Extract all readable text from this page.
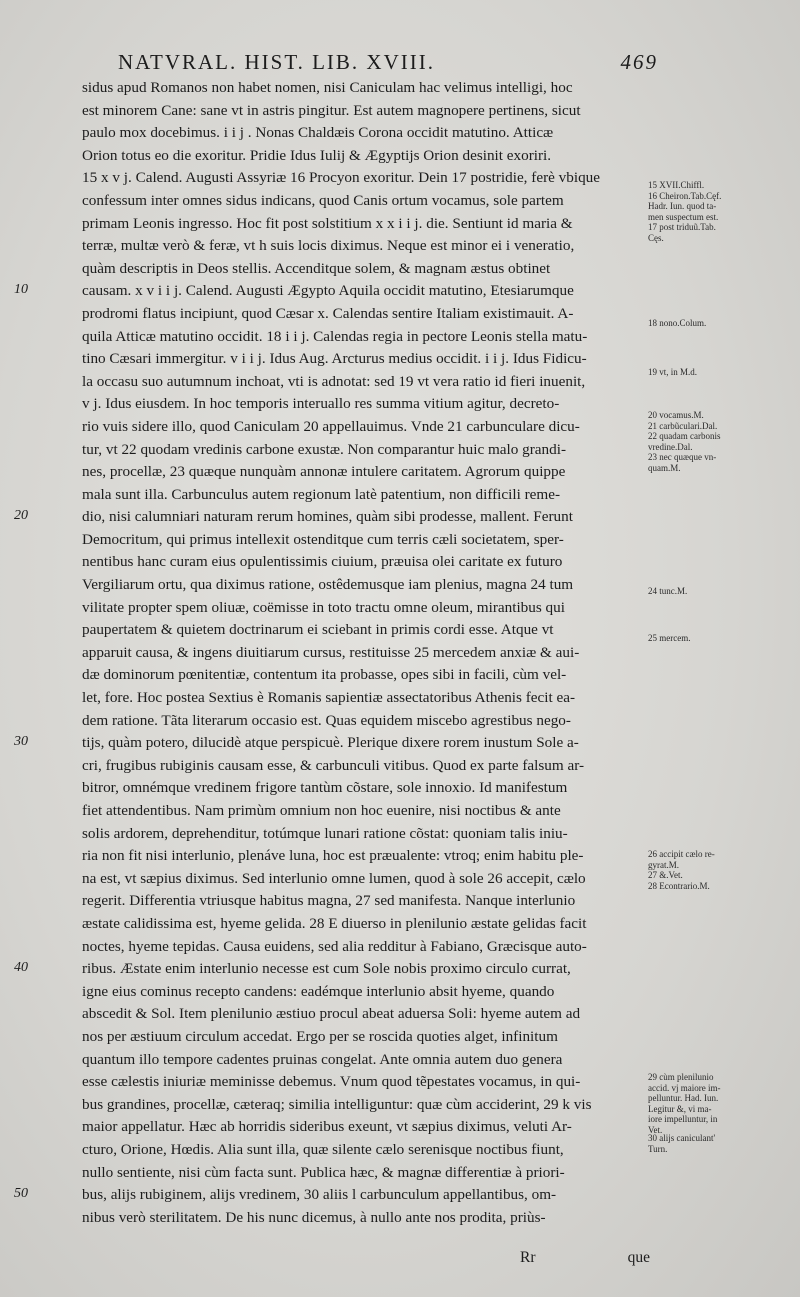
NATVRAL. HIST. LIB. XVIII.	469
sidus apud Romanos non habet nomen, nisi Caniculam hac velimus intelligi, hoc
est minorem Cane: sane vt in astris pingitur. Est autem magnopere pertinens, sicut
paulo mox docebimus. i i j . Nonas Chaldæis Corona occidit matutino. Atticæ
Orion totus eo die exoritur. Pridie Idus Iulij & Ægyptijs Orion desinit exoriri.
15 x v j. Calend. Augusti Assyriæ 16 Procyon exoritur. Dein 17 postridie, ferè vbique
confessum inter omnes sidus indicans, quod Canis ortum vocamus, sole partem
primam Leonis ingresso. Hoc fit post solstitium x x i i j. die. Sentiunt id maria &
terræ, multæ verò & feræ, vt h suis locis diximus. Neque est minor ei i veneratio,
quàm descriptis in Deos stellis. Accenditque solem, & magnam æstus obtinet
causam. x v i i j. Calend. Augusti Ægypto Aquila occidit matutino, Etesiarumque
prodromi flatus incipiunt, quod Cæsar x. Calendas sentire Italiam existimauit. A-
quila Atticæ matutino occidit. 18 i i j. Calendas regia in pectore Leonis stella matu-
tino Cæsari immergitur. v i i j. Idus Aug. Arcturus medius occidit. i i j. Idus Fidicu-
la occasu suo autumnum inchoat, vti is adnotat: sed 19 vt vera ratio id fieri inuenit,
v j. Idus eiusdem. In hoc temporis interuallo res summa vitium agitur, decreto-
rio vuis sidere illo, quod Caniculam 20 appellauimus. Vnde 21 carbunculare dicu-
tur, vt 22 quodam vredinis carbone exustæ. Non comparantur huic malo grandi-
nes, procellæ, 23 quæque nunquàm annonæ intulere caritatem. Agrorum quippe
mala sunt illa. Carbunculus autem regionum latè patentium, non difficili reme-
dio, nisi calumniari naturam rerum homines, quàm sibi prodesse, mallent. Ferunt
Democritum, qui primus intellexit ostenditque cum terris cæli societatem, sper-
nentibus hanc curam eius opulentissimis ciuium, præuisa olei caritate ex futuro
Vergiliarum ortu, qua diximus ratione, ostêdemusque iam plenius, magna 24 tum
vilitate propter spem oliuæ, coëmisse in toto tractu omne oleum, mirantibus qui
paupertatem & quietem doctrinarum ei sciebant in primis cordi esse. Atque vt
apparuit causa, & ingens diuitiarum cursus, restituisse 25 mercedem anxiæ & aui-
dæ dominorum pœnitentiæ, contentum ita probasse, opes sibi in facili, cùm vel-
let, fore. Hoc postea Sextius è Romanis sapientiæ assectatoribus Athenis fecit ea-
dem ratione. Tãta literarum occasio est. Quas equidem miscebo agrestibus nego-
tijs, quàm potero, dilucidè atque perspicuè. Plerique dixere rorem inustum Sole a-
cri, frugibus rubiginis causam esse, & carbunculi vitibus. Quod ex parte falsum ar-
bitror, omnémque vredinem frigore tantùm cõstare, sole innoxio. Id manifestum
fiet attendentibus. Nam primùm omnium non hoc euenire, nisi noctibus & ante
solis ardorem, deprehenditur, totúmque lunari ratione cõstat: quoniam talis iniu-
ria non fit nisi interlunio, plenáve luna, hoc est præualente: vtroq; enim habitu ple-
na est, vt sæpius diximus. Sed interlunio omne lumen, quod à sole 26 accepit, cælo
regerit. Differentia vtriusque habitus magna, 27 sed manifesta. Nanque interlunio
æstate calidissima est, hyeme gelida. 28 E diuerso in plenilunio æstate gelidas facit
noctes, hyeme tepidas. Causa euidens, sed alia redditur à Fabiano, Græcisque auto-
ribus. Æstate enim interlunio necesse est cum Sole nobis proximo circulo currat,
igne eius cominus recepto candens: eadémque interlunio absit hyeme, quando
abscedit & Sol. Item plenilunio æstiuo procul abeat aduersa Soli: hyeme autem ad
nos per æstiuum circulum accedat. Ergo per se roscida quoties alget, infinitum
quantum illo tempore cadentes pruinas congelat. Ante omnia autem duo genera
esse cælestis iniuriæ meminisse debemus. Vnum quod tẽpestates vocamus, in qui-
bus grandines, procellæ, cæteraq; similia intelliguntur: quæ cùm acciderint, 29 k vis
maior appellatur. Hæc ab horridis sideribus exeunt, vt sæpius diximus, veluti Ar-
cturo, Orione, Hœdis. Alia sunt illa, quæ silente cælo serenisque noctibus fiunt,
nullo sentiente, nisi cùm facta sunt. Publica hæc, & magnæ differentiæ à priori-
bus, alijs rubiginem, alijs vredinem, 30 aliis l carbunculum appellantibus, om-
nibus verò sterilitatem. De his nunc dicemus, à nullo ante nos prodita, priùs-
10
20
30
40
50
15 XVII.Chiffl.
16 Cheiron.Tab.Cęf.
Hadr. Iun. quod ta-
men suspectum est.
17 post triduũ.Tab.
Cęs.
18 nono.Colum.
19 vt, in M.d.
20 vocamus.M.
21 carbũculari.Dal.
22 quadam carbonis
vredine.Dal.
23 nec quæque vn-
quam.M.
24 tunc.M.
25 mercem.
26 accipit cælo re-
gyrat.M.
27 &.Vet.
28 Econtrario.M.
29 cùm plenilunio
accid. vj maiore im-
pelluntur. Had. Iun.
Legitur &, vi ma-
iore impelluntur, in
Vet.
30 alijs caniculant'
Turn.
Rr	que
